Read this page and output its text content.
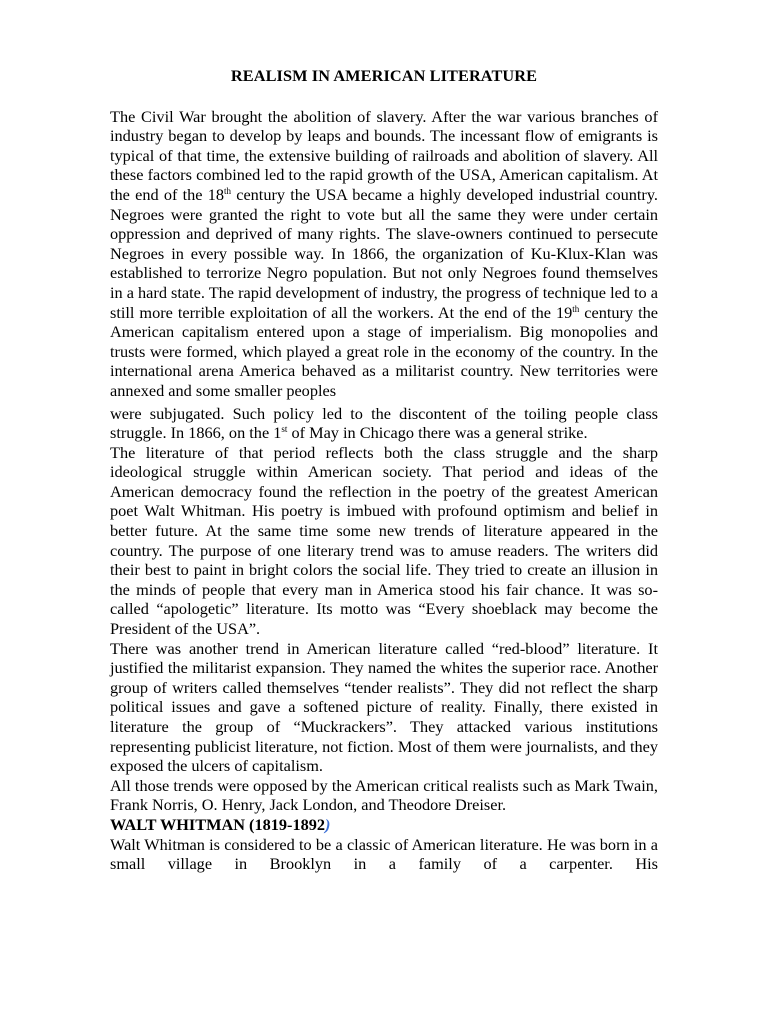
REALISM IN AMERICAN LITERATURE

The Civil War brought the abolition of slavery. After the war various branches of industry began to develop by leaps and bounds. The incessant flow of emigrants is typical of that time, the extensive building of railroads and abolition of slavery. All these factors combined led to the rapid growth of the USA, American capitalism. At the end of the 18th century the USA became a highly developed industrial country. Negroes were granted the right to vote but all the same they were under certain oppression and deprived of many rights. The slave-owners continued to persecute Negroes in every possible way. In 1866, the organization of Ku-Klux-Klan was established to terrorize Negro population. But not only Negroes found themselves in a hard state. The rapid development of industry, the progress of technique led to a still more terrible exploitation of all the workers. At the end of the 19th century the American capitalism entered upon a stage of imperialism. Big monopolies and trusts were formed, which played a great role in the economy of the country. In the international arena America behaved as a militarist country. New territories were annexed and some smaller peoples

were subjugated. Such policy led to the discontent of the toiling people class struggle. In 1866, on the 1st of May in Chicago there was a general strike.

The literature of that period reflects both the class struggle and the sharp ideological struggle within American society. That period and ideas of the American democracy found the reflection in the poetry of the greatest American poet Walt Whitman. His poetry is imbued with profound optimism and belief in better future. At the same time some new trends of literature appeared in the country. The purpose of one literary trend was to amuse readers. The writers did their best to paint in bright colors the social life. They tried to create an illusion in the minds of people that every man in America stood his fair chance. It was so-called “apologetic” literature. Its motto was “Every shoeblack may become the President of the USA”.

There was another trend in American literature called “red-blood” literature. It justified the militarist expansion. They named the whites the superior race. Another group of writers called themselves “tender realists”. They did not reflect the sharp political issues and gave a softened picture of reality. Finally, there existed in literature the group of “Muckrackers”. They attacked various institutions representing publicist literature, not fiction. Most of them were journalists, and they exposed the ulcers of capitalism.

All those trends were opposed by the American critical realists such as Mark Twain, Frank Norris, O. Henry, Jack London, and Theodore Dreiser.

WALT WHITMAN (1819-1892)

Walt Whitman is considered to be a classic of American literature. He was born in a small village in Brooklyn in a family of a carpenter. His
